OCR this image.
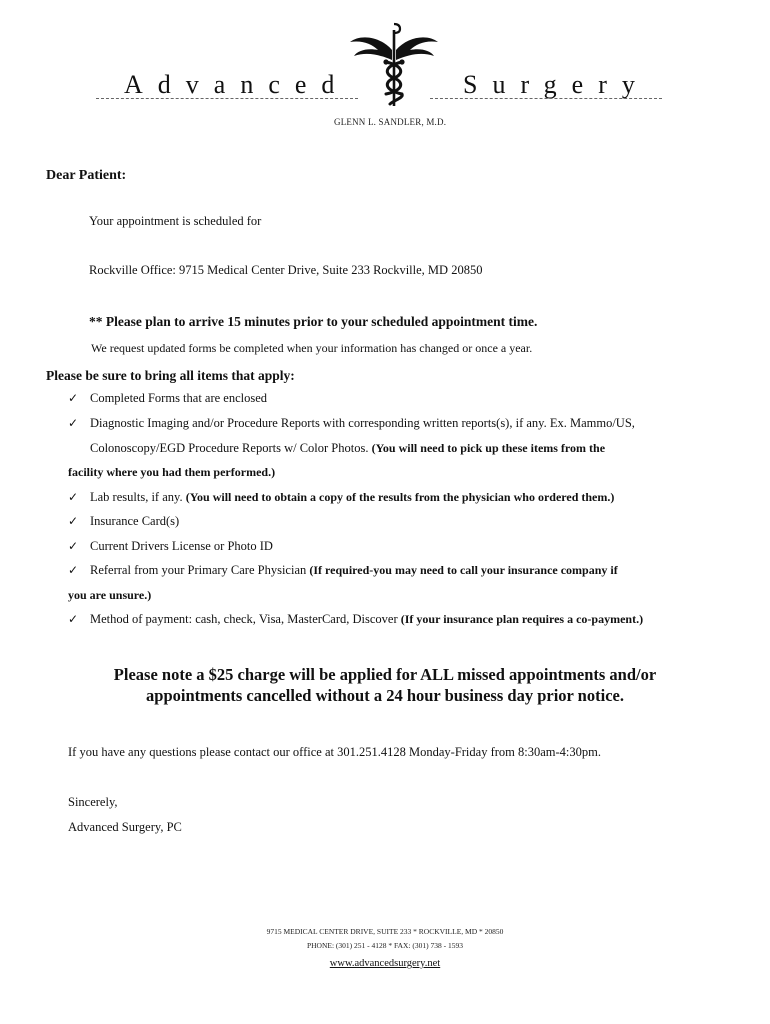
Advanced	Surgery
GLENN L. SANDLER, M.D.
Dear Patient:
Your appointment is scheduled for
Rockville Office: 9715 Medical Center Drive, Suite 233 Rockville, MD 20850
** Please plan to arrive 15 minutes prior to your scheduled appointment time.
We request updated forms be completed when your information has changed or once a year.
Please be sure to bring all items that apply:
✓ Completed Forms that are enclosed
✓ Diagnostic Imaging and/or Procedure Reports with corresponding written reports(s), if any. Ex. Mammo/US,
Colonoscopy/EGD Procedure Reports w/ Color Photos. (You will need to pick up these items from the
facility where you had them performed.)
✓ Lab results, if any. (You will need to obtain a copy of the results from the physician who ordered them.)
✓ Insurance Card(s)
✓ Current Drivers License or Photo ID
✓ Referral from your Primary Care Physician (If required-you may need to call your insurance company if
you are unsure.)
✓ Method of payment: cash, check, Visa, MasterCard, Discover (If your insurance plan requires a co-payment.)
Please note a $25 charge will be applied for ALL missed appointments and/or
appointments cancelled without a 24 hour business day prior notice.
If you have any questions please contact our office at 301.251.4128 Monday-Friday from 8:30am-4:30pm.
Sincerely,
Advanced Surgery, PC
9715 MEDICAL CENTER DRIVE, SUITE 233 * ROCKVILLE, MD * 20850
PHONE: (301) 251 - 4128 * FAX: (301) 738 - 1593
www.advancedsurgery.net
